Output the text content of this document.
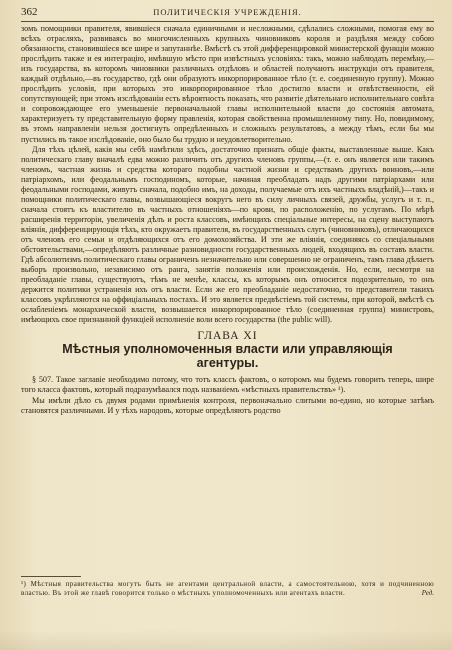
362	ПОЛИТИЧЕСКІЯ УЧРЕЖДЕНІЯ.

зомъ помощники правителя, явившіеся сначала единичными и несложными, сдѣлались сложными, помогая ему во всѣхъ отрасляхъ, развиваясь во многочисленныхъ крупныхъ чиновниковъ короля и раздѣляя между собою обязанности, становившіеся все шире и запутаннѣе. Вмѣстѣ съ этой дифференцировкой министерской функціи можно прослѣдить также и ея интеграцію, имѣвшую мѣсто при извѣстныхъ условіяхъ: такъ, можно наблюдать перемѣну,—изъ государства, въ которомъ чиновники различныхъ отдѣловъ и областей получаютъ инструкціи отъ правителя, каждый отдѣльно,—въ государство, гдѣ они образуютъ инкорпорированное тѣло (т. е. соединенную группу). Можно прослѣдить условія, при которыхъ это инкорпорированное тѣло достигло власти и отвѣтственности, ей сопутствующей; при этомъ изслѣдованіи есть вѣроятность показать, что развитіе дѣятельнаго исполнительнаго совѣта и сопровождающее его уменьшеніе первоначальной главы исполнительной власти до состоянія автомата, характеризуетъ ту представительную форму правленія, которая свойственна промышленному типу. Но, повидимому, въ этомъ направленіи нельзя достигнуть опредѣленныхъ и сложныхъ результатовъ, а между тѣмъ, если бы мы пустились въ такое изслѣдованіе, оно было бы трудно и неудовлетворительно.

Для тѣхъ цѣлей, какія мы себѣ намѣтили здѣсь, достаточно признать общіе факты, выставленные выше. Какъ политическаго главу вначалѣ едва можно различить отъ другихъ членовъ группы,—(т. е. онъ является или такимъ членомъ, частная жизнь и средства котораго подобны частной жизни и средствамъ другихъ воиновъ,—или патріархомъ, или феодальнымъ господиномъ, которые, начиная преобладать надъ другими патріархами или феодальными господами, живутъ сначала, подобно имъ, на доходы, получаемые отъ ихъ частныхъ владѣній,)—такъ и помощники политическаго главы, возвышающіеся вокругъ него въ силу личныхъ связей, дружбы, услугъ и т. п., сначала стоятъ къ властителю въ частныхъ отношеніяхъ—по крови, по расположенію, по услугамъ. По мѣрѣ расширенія территоріи, увеличенія дѣлъ и роста классовъ, имѣющихъ спеціальные интересы, на сцену выступаютъ вліянія, дифференцирующія тѣхъ, кто окружаетъ правителя, въ государственныхъ слугъ (чиновниковъ), отличающихся отъ членовъ его семьи и отдѣляющихся отъ его домохозяйства. И эти же вліянія, соединяясь со спеціальными обстоятельствами,—опредѣляютъ различные разновидности государственныхъ людей, входящихъ въ составъ власти. Гдѣ абсолютизмъ политическаго главы ограниченъ незначительно или совершенно не ограниченъ, тамъ глава дѣлаетъ выборъ произвольно, независимо отъ ранга, занятія положенія или происхожденія. Но, если, несмотря на преобладаніе главы, существуютъ, тѣмъ не менѣе, классы, къ которымъ онъ относится подозрительно, то онъ держится политики устраненія ихъ отъ власти. Если же его преобладаніе недостаточно, то представители такихъ классовъ укрѣпляются на оффиціальныхъ постахъ. И это является предвѣстіемъ той системы, при которой, вмѣстѣ съ ослабленіемъ монархической власти, возвышается инкорпорированное тѣло (соединенная группа) министровъ, имѣющихъ свое признанной функціей исполненіе воли всего государства (the public will).

ГЛАВА XI
Мѣстныя уполномоченныя власти или управляющія агентуры.

§ 507. Такое заглавіе необходимо потому, что тотъ классъ фактовъ, о которомъ мы будемъ говорить теперь, шире того класса фактовъ, который подразумѣвался подъ названіемъ «мѣстныхъ правительствъ» ¹).

Мы имѣли дѣло съ двумя родами примѣненія контроля, первоначально слитыми во-едино, но которые затѣмъ становятся различными. И у тѣхъ народовъ, которые опредѣляютъ родство

¹) Мѣстныя правительства могутъ быть не агентами центральной власти, а самостоятельною, хотя и подчиненною властью. Въ этой же главѣ говорится только о мѣстныхъ уполномоченныхъ или агентахъ власти.	Ред.
